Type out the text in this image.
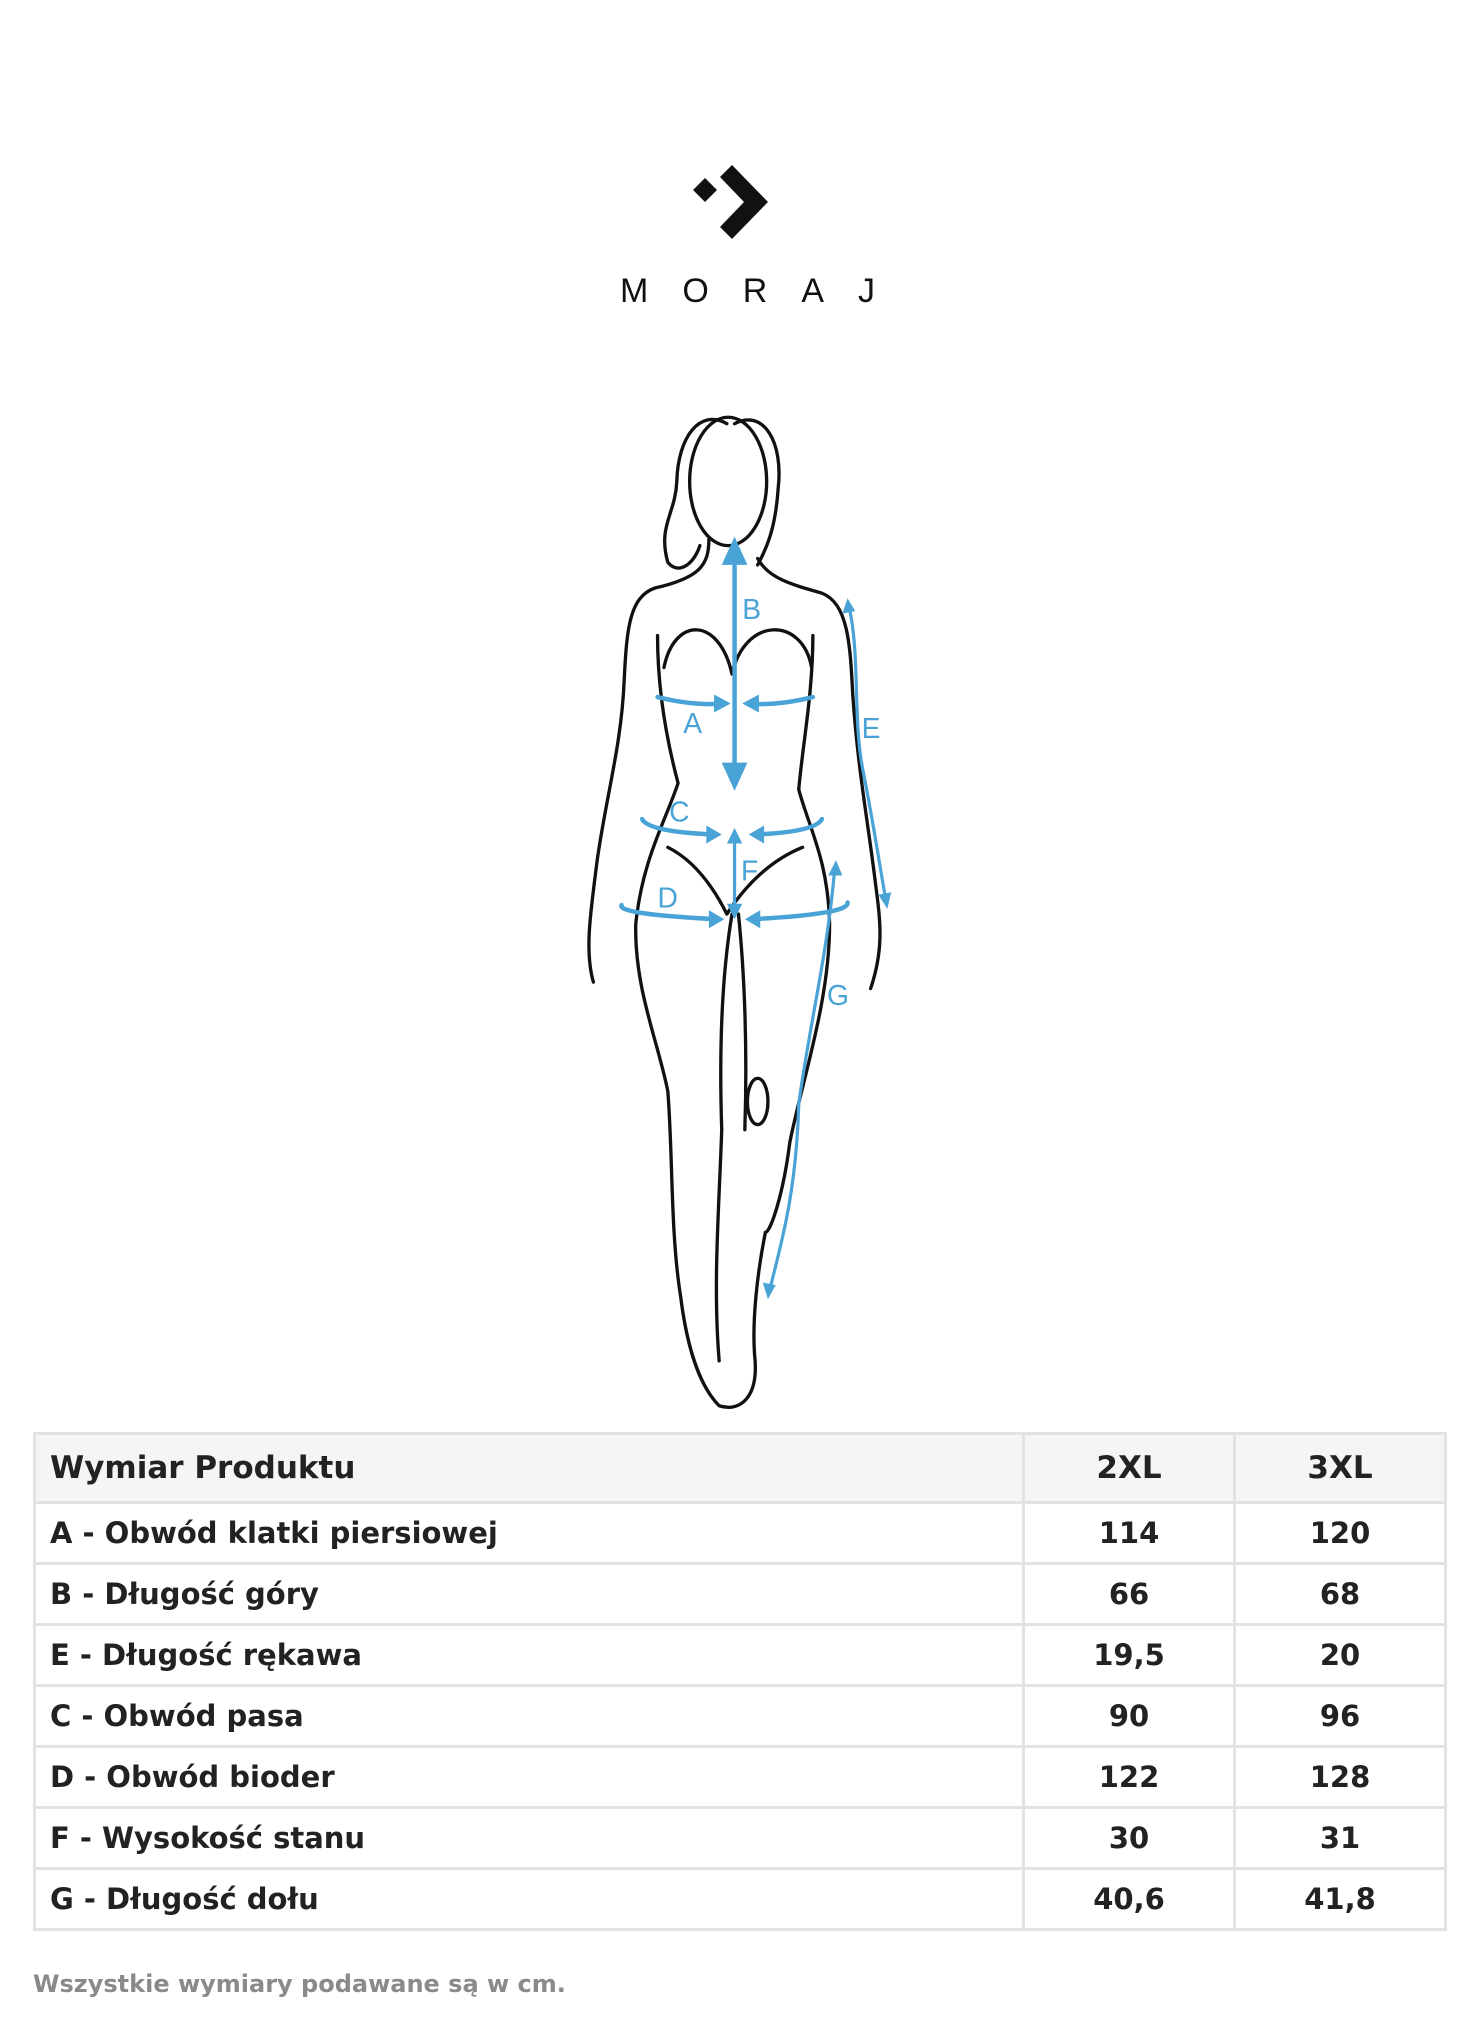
MORAJ
B
A
C
F
D
E
G
Wymiar Produktu	2XL	3XL
A - Obwód klatki piersiowej	114	120
B - Długość góry	66	68
E - Długość rękawa	19,5	20
C - Obwód pasa	90	96
D - Obwód bioder	122	128
F - Wysokość stanu	30	31
G - Długość dołu	40,6	41,8
Wszystkie wymiary podawane są w cm.
